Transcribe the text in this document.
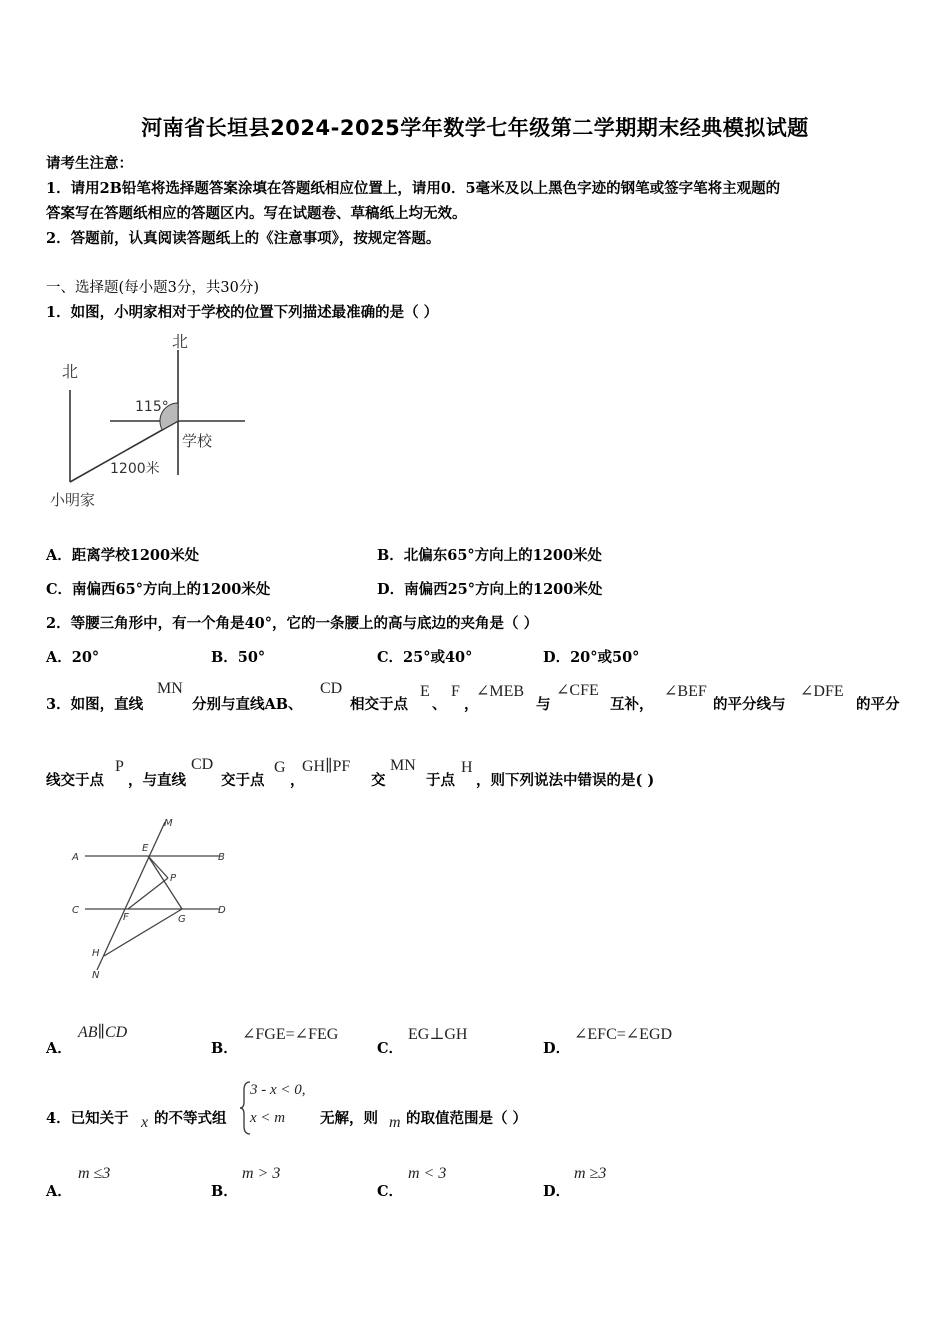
河南省长垣县2024-2025学年数学七年级第二学期期末经典模拟试题
请考生注意：
1．请用2B铅笔将选择题答案涂填在答题纸相应位置上，请用0．5毫米及以上黑色字迹的钢笔或签字笔将主观题的
答案写在答题纸相应的答题区内。写在试题卷、草稿纸上均无效。
2．答题前，认真阅读答题纸上的《注意事项》，按规定答题。
一、选择题(每小题3分，共30分)
1．如图，小明家相对于学校的位置下列描述最准确的是（ ）
北
北
115°
学校
1200米
小明家
A．距离学校1200米处	B．北偏东65°方向上的1200米处
C．南偏西65°方向上的1200米处	D．南偏西25°方向上的1200米处
2．等腰三角形中，有一个角是40°，它的一条腰上的高与底边的夹角是（ ）
A．20°	B．50°	C．25°或40°	D．20°或50°
3．如图，直线
MN
分别与直线AB、
CD
相交于点
E
、
F
，
∠MEB
与
∠CFE
互补，
∠BEF
的平分线与
∠DFE
的平分
线交于点
P
，与直线
CD
交于点
G
，
GH∥PF
交
MN
于点
H
，则下列说法中错误的是( )
M
A
E
B
P
C
F	G
D
H
N
A．
AB∥CD
B．
∠FGE=∠FEG
C．
EG⊥GH
D．
∠EFC=∠EGD
4．已知关于 x 的不等式组
3 - x < 0,
x < m 无解，则 m 的取值范围是（ ）
A．
m ≤3
B．
m > 3
C．
m < 3
D．
m ≥3
